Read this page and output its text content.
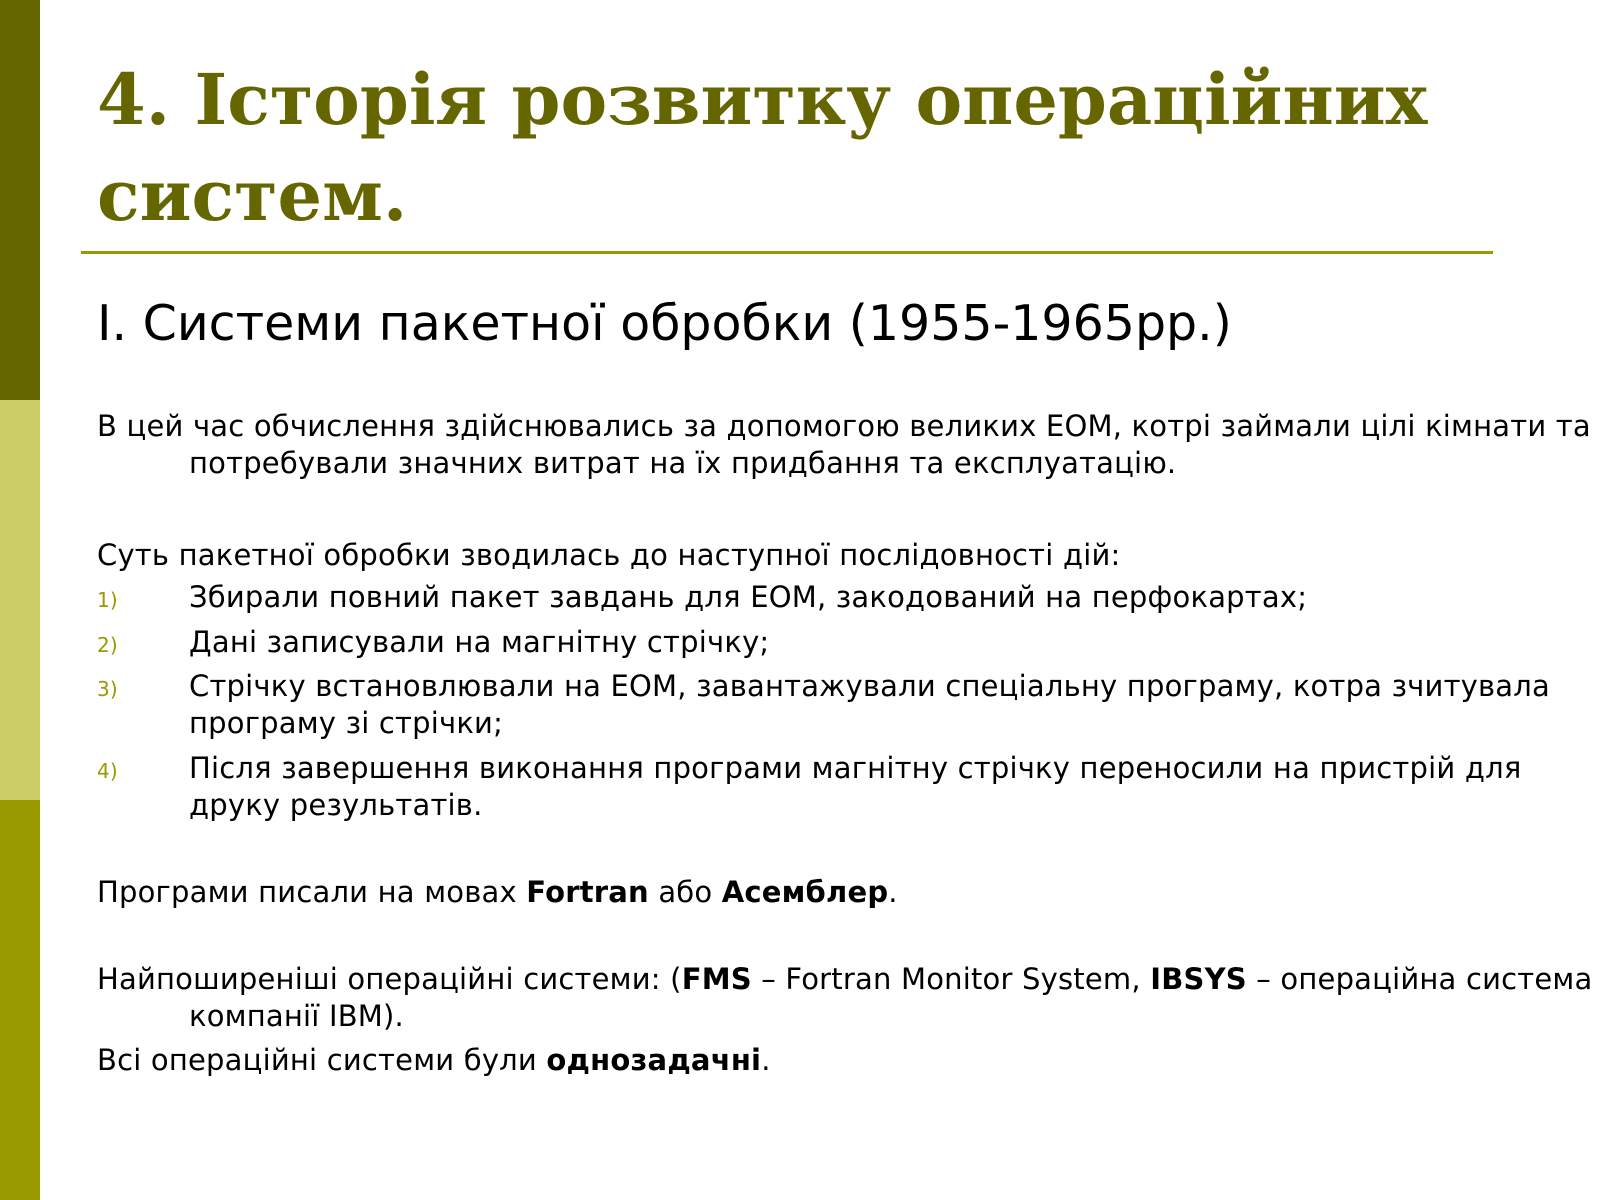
4. Історія розвитку операційних систем.
I. Системи пакетної обробки (1955-1965рр.)

В цей час обчислення здійснювались за допомогою великих ЕОМ, котрі займали цілі кімнати та потребували значних витрат на їх придбання та експлуатацію.

Суть пакетної обробки зводилась до наступної послідовності дій:

1) Збирали повний пакет завдань для ЕОМ, закодований на перфокартах;
2) Дані записували на магнітну стрічку;
3) Стрічку встановлювали на ЕОМ, завантажували спеціальну програму, котра зчитувала програму зі стрічки;
4) Після завершення виконання програми магнітну стрічку переносили на пристрій для друку результатів.

Програми писали на мовах Fortran або Асемблер.

Найпоширеніші операційні системи: (FMS – Fortran Monitor System, IBSYS – операційна система компанії IBM).

Всі операційні системи були однозадачні.
